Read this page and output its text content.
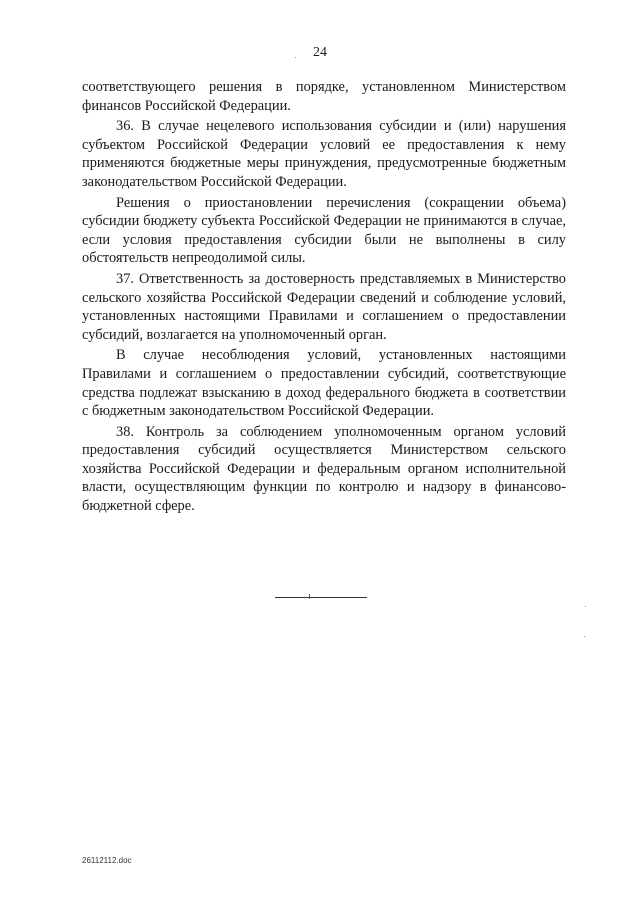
24

соответствующего решения в порядке, установленном Министерством финансов Российской Федерации.

36. В случае нецелевого использования субсидии и (или) нарушения субъектом Российской Федерации условий ее предоставления к нему применяются бюджетные меры принуждения, предусмотренные бюджетным законодательством Российской Федерации.

Решения о приостановлении перечисления (сокращении объема) субсидии бюджету субъекта Российской Федерации не принимаются в случае, если условия предоставления субсидии были не выполнены в силу обстоятельств непреодолимой силы.

37. Ответственность за достоверность представляемых в Министерство сельского хозяйства Российской Федерации сведений и соблюдение условий, установленных настоящими Правилами и соглашением о предоставлении субсидий, возлагается на уполномоченный орган.

В случае несоблюдения условий, установленных настоящими Правилами и соглашением о предоставлении субсидий, соответствующие средства подлежат взысканию в доход федерального бюджета в соответствии с бюджетным законодательством Российской Федерации.

38. Контроль за соблюдением уполномоченным органом условий предоставления субсидий осуществляется Министерством сельского хозяйства Российской Федерации и федеральным органом исполнительной власти, осуществляющим функции по контролю и надзору в финансово-бюджетной сфере.

26112112.doc
